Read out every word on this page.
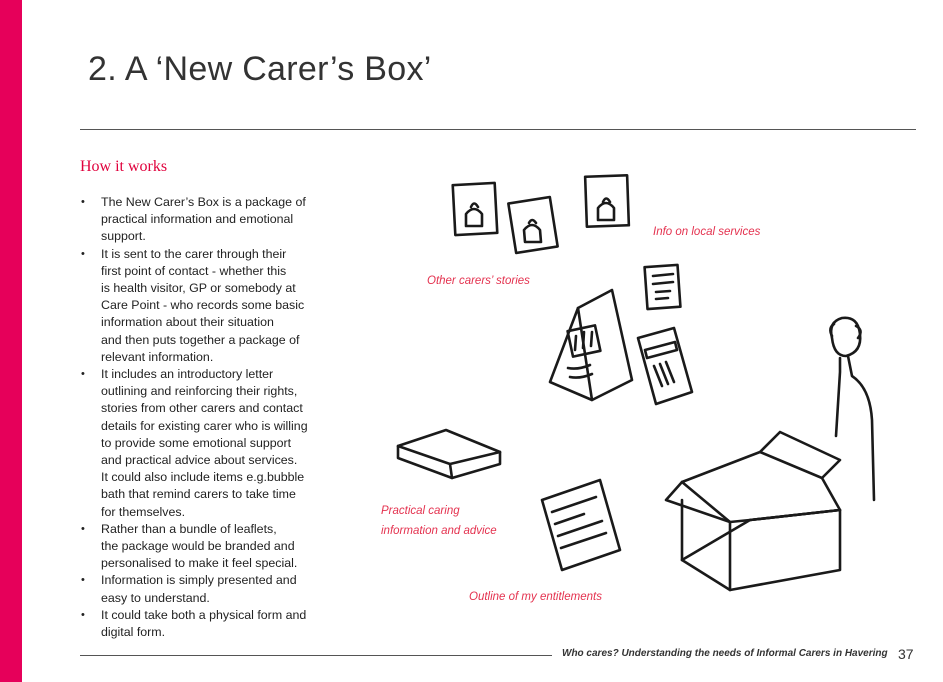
2. A ‘New Carer’s Box’
How it works
• The New Carer’s Box is a package of
practical information and emotional
support.
• It is sent to the carer through their
first point of contact - whether this
is health visitor, GP or somebody at
Care Point - who records some basic
information about their situation
and then puts together a package of
relevant information.
• It includes an introductory letter
outlining and reinforcing their rights,
stories from other carers and contact
details for existing carer who is willing
to provide some emotional support
and practical advice about services.
It could also include items e.g.bubble
bath that remind carers to take time
for themselves.
• Rather than a bundle of leaflets,
the package would be branded and
personalised to make it feel special.
• Information is simply presented and
easy to understand.
• It could take both a physical form and
digital form.
Info on local services
Other carers’ stories
Practical caring
information and advice
Outline of my entitlements
Who cares? Understanding the needs of Informal Carers in Havering 37
